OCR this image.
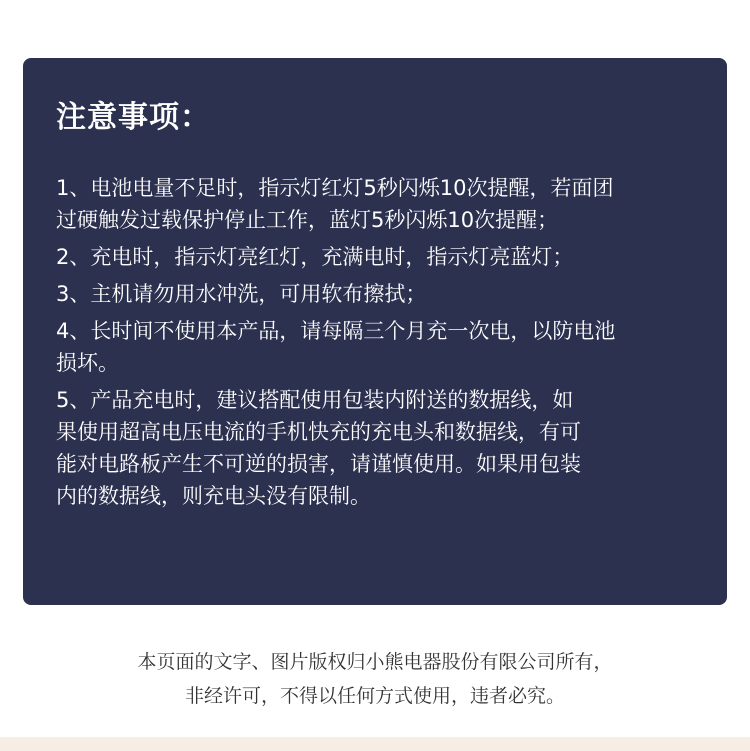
注意事项：
1、电池电量不足时，指示灯红灯5秒闪烁10次提醒，若面团
过硬触发过载保护停止工作，蓝灯5秒闪烁10次提醒；
2、充电时，指示灯亮红灯，充满电时，指示灯亮蓝灯；
3、主机请勿用水冲洗，可用软布擦拭；
4、长时间不使用本产品，请每隔三个月充一次电，以防电池
损坏。
5、产品充电时，建议搭配使用包装内附送的数据线，如
果使用超高电压电流的手机快充的充电头和数据线，有可
能对电路板产生不可逆的损害，请谨慎使用。如果用包装
内的数据线，则充电头没有限制。
本页面的文字、图片版权归小熊电器股份有限公司所有，
非经许可，不得以任何方式使用，违者必究。
